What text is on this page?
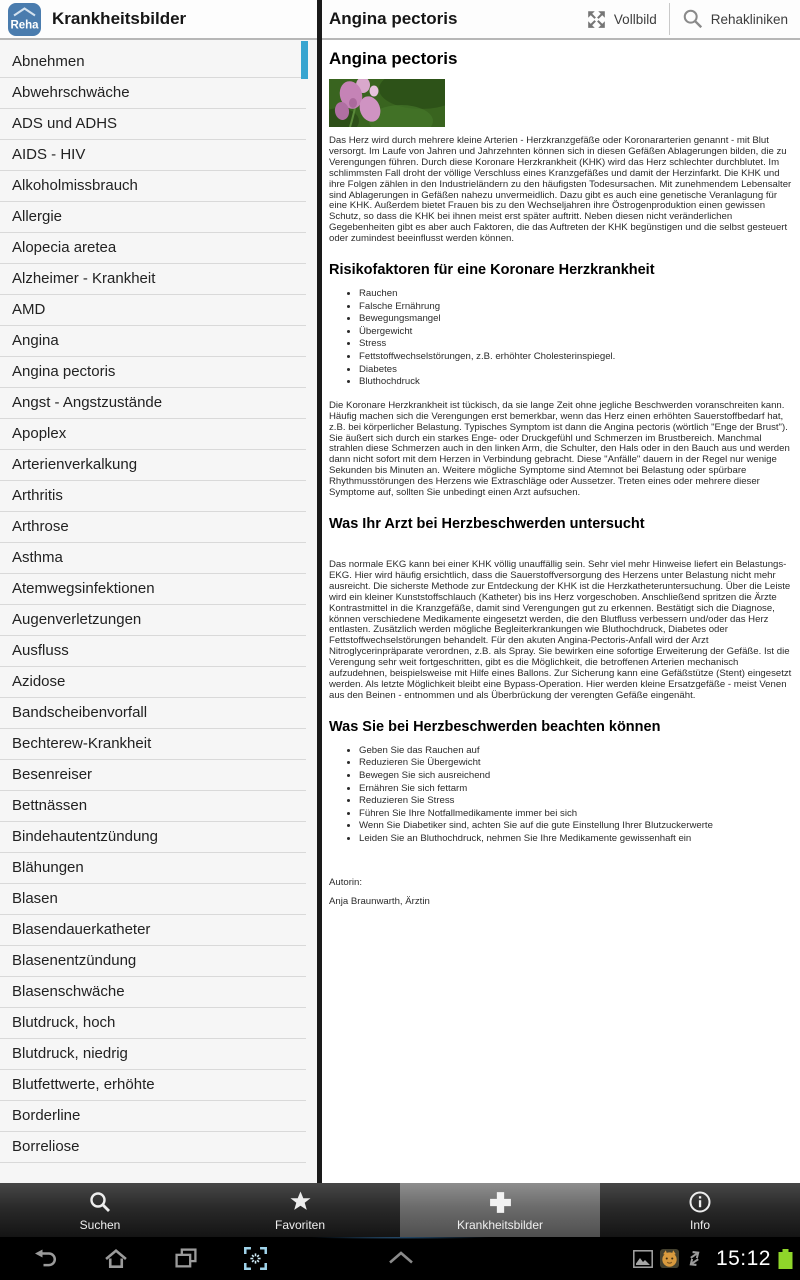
Reha Krankheitsbilder
Abnehmen
Abwehrschwäche
ADS und ADHS
AIDS - HIV
Alkoholmissbrauch
Allergie
Alopecia aretea
Alzheimer - Krankheit
AMD
Angina
Angina pectoris
Angst - Angstzustände
Apoplex
Arterienverkalkung
Arthritis
Arthrose
Asthma
Atemwegsinfektionen
Augenverletzungen
Ausfluss
Azidose
Bandscheibenvorfall
Bechterew-Krankheit
Besenreiser
Bettnässen
Bindehautentzündung
Blähungen
Blasen
Blasendauerkatheter
Blasenentzündung
Blasenschwäche
Blutdruck, hoch
Blutdruck, niedrig
Blutfettwerte, erhöhte
Borderline
Borreliose
Angina pectoris	Vollbild	Rehakliniken
Angina pectoris

Das Herz wird durch mehrere kleine Arterien - Herzkranzgefäße oder Koronararterien genannt - mit Blut versorgt. Im Laufe von Jahren und Jahrzehnten können sich in diesen Gefäßen Ablagerungen bilden, die zu Verengungen führen. Durch diese Koronare Herzkrankheit (KHK) wird das Herz schlechter durchblutet. Im schlimmsten Fall droht der völlige Verschluss eines Kranzgefäßes und damit der Herzinfarkt. Die KHK und ihre Folgen zählen in den Industrieländern zu den häufigsten Todesursachen. Mit zunehmendem Lebensalter sind Ablagerungen in Gefäßen nahezu unvermeidlich. Dazu gibt es auch eine genetische Veranlagung für eine KHK. Außerdem bietet Frauen bis zu den Wechseljahren ihre Östrogenproduktion einen gewissen Schutz, so dass die KHK bei ihnen meist erst später auftritt. Neben diesen nicht veränderlichen Gegebenheiten gibt es aber auch Faktoren, die das Auftreten der KHK begünstigen und die selbst gesteuert oder zumindest beeinflusst werden können.

Risikofaktoren für eine Koronare Herzkrankheit
• Rauchen
• Falsche Ernährung
• Bewegungsmangel
• Übergewicht
• Stress
• Fettstoffwechselstörungen, z.B. erhöhter Cholesterinspiegel.
• Diabetes
• Bluthochdruck

Die Koronare Herzkrankheit ist tückisch, da sie lange Zeit ohne jegliche Beschwerden voranschreiten kann. Häufig machen sich die Verengungen erst bemerkbar, wenn das Herz einen erhöhten Sauerstoffbedarf hat, z.B. bei körperlicher Belastung. Typisches Symptom ist dann die Angina pectoris (wörtlich "Enge der Brust"). Sie äußert sich durch ein starkes Enge- oder Druckgefühl und Schmerzen im Brustbereich. Manchmal strahlen diese Schmerzen auch in den linken Arm, die Schulter, den Hals oder in den Bauch aus und werden dann nicht sofort mit dem Herzen in Verbindung gebracht. Diese "Anfälle" dauern in der Regel nur wenige Sekunden bis Minuten an. Weitere mögliche Symptome sind Atemnot bei Belastung oder spürbare Rhythmusstörungen des Herzens wie Extraschläge oder Aussetzer. Treten eines oder mehrere dieser Symptome auf, sollten Sie unbedingt einen Arzt aufsuchen.

Was Ihr Arzt bei Herzbeschwerden untersucht

Das normale EKG kann bei einer KHK völlig unauffällig sein. Sehr viel mehr Hinweise liefert ein Belastungs-EKG. Hier wird häufig ersichtlich, dass die Sauerstoffversorgung des Herzens unter Belastung nicht mehr ausreicht. Die sicherste Methode zur Entdeckung der KHK ist die Herzkatheteruntersuchung. Über die Leiste wird ein kleiner Kunststoffschlauch (Katheter) bis ins Herz vorgeschoben. Anschließend spritzen die Ärzte Kontrastmittel in die Kranzgefäße, damit sind Verengungen gut zu erkennen. Bestätigt sich die Diagnose, können verschiedene Medikamente eingesetzt werden, die den Blutfluss verbessern und/oder das Herz entlasten. Zusätzlich werden mögliche Begleiterkrankungen wie Bluthochdruck, Diabetes oder Fettstoffwechselstörungen behandelt. Für den akuten Angina-Pectoris-Anfall wird der Arzt Nitroglycerinpräparate verordnen, z.B. als Spray. Sie bewirken eine sofortige Erweiterung der Gefäße. Ist die Verengung sehr weit fortgeschritten, gibt es die Möglichkeit, die betroffenen Arterien mechanisch aufzudehnen, beispielsweise mit Hilfe eines Ballons. Zur Sicherung kann eine Gefäßstütze (Stent) eingesetzt werden. Als letzte Möglichkeit bleibt eine Bypass-Operation. Hier werden kleine Ersatzgefäße - meist Venen aus den Beinen - entnommen und als Überbrückung der verengten Gefäße eingenäht.

Was Sie bei Herzbeschwerden beachten können
• Geben Sie das Rauchen auf
• Reduzieren Sie Übergewicht
• Bewegen Sie sich ausreichend
• Ernähren Sie sich fettarm
• Reduzieren Sie Stress
• Führen Sie Ihre Notfallmedikamente immer bei sich
• Wenn Sie Diabetiker sind, achten Sie auf die gute Einstellung Ihrer Blutzuckerwerte
• Leiden Sie an Bluthochdruck, nehmen Sie Ihre Medikamente gewissenhaft ein

Autorin:

Anja Braunwarth, Ärztin

Suchen	Favoriten	Krankheitsbilder	Info
15:12
